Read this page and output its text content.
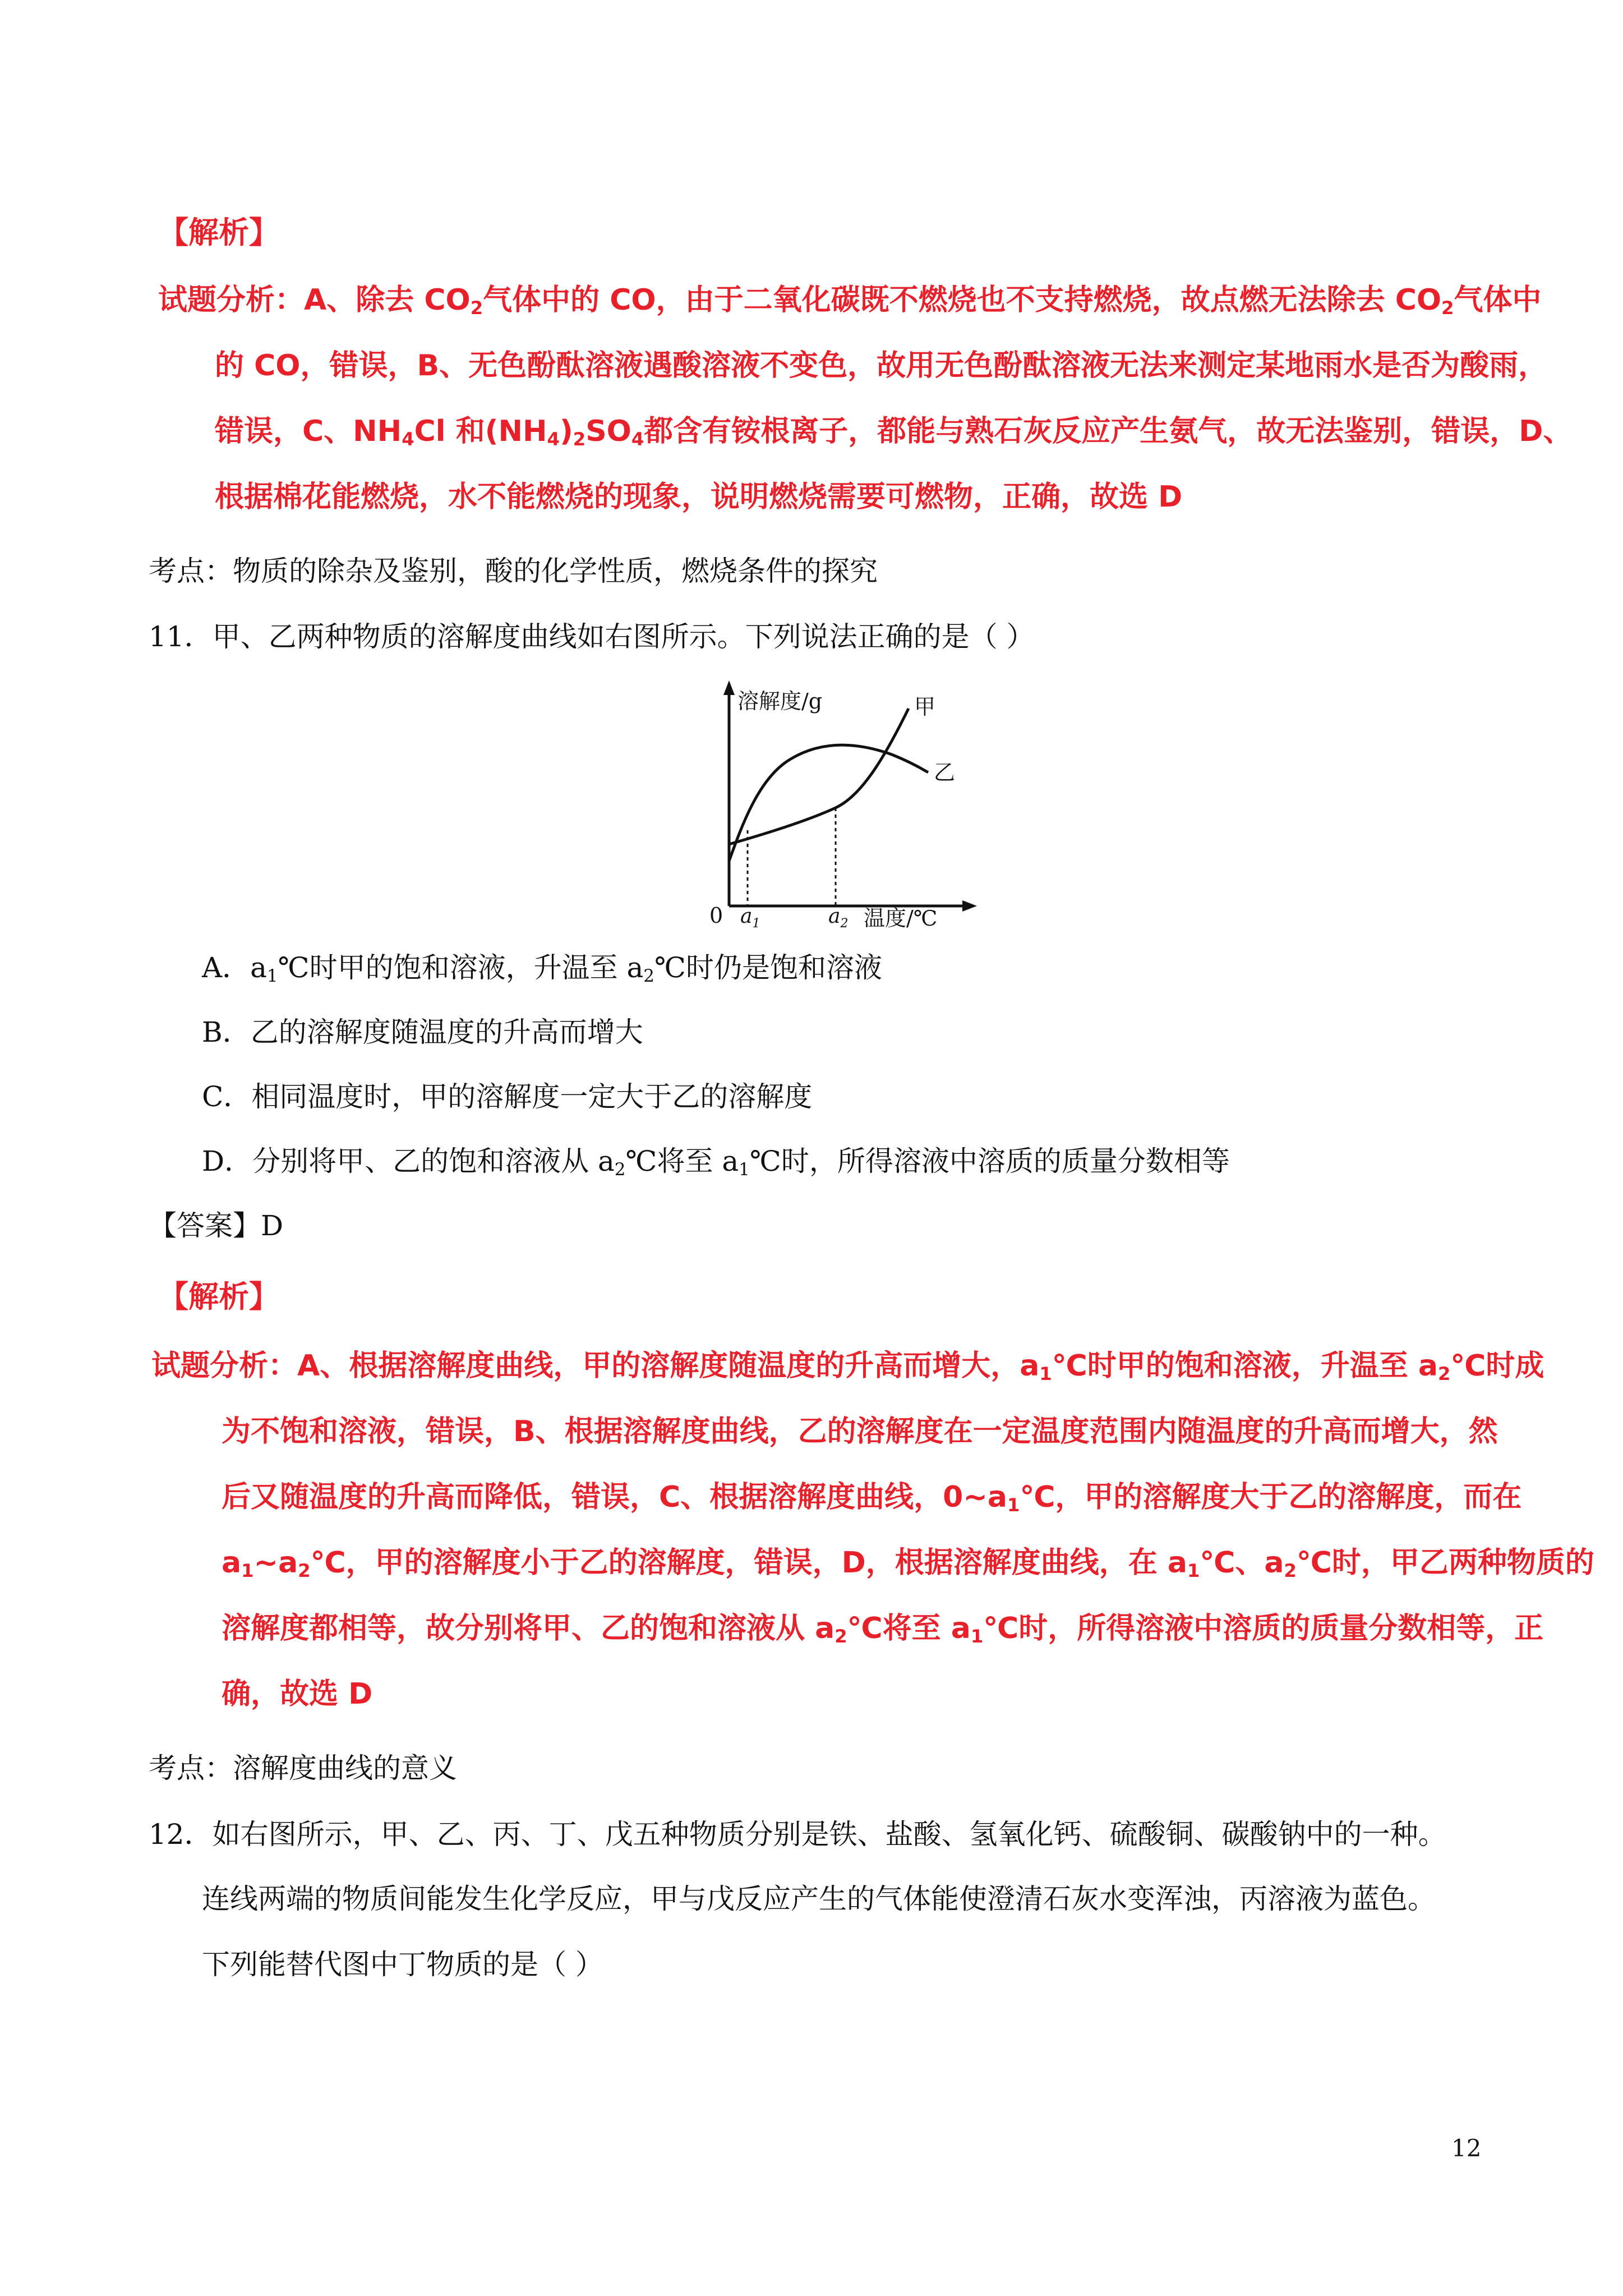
【解析】
试题分析：A、除去 $CO_2$气体中的 CO，由于二氧化碳既不燃烧也不支持燃烧，故点燃无法除去 $CO_2$气体中
的 CO，错误，B、无色酚酞溶液遇酸溶液不变色，故用无色酚酞溶液无法来测定某地雨水是否为酸雨，
错误，C、$NH_4Cl$ 和$(NH_4)_2SO_4$都含有铵根离子，都能与熟石灰反应产生氨气，故无法鉴别，错误，D、
根据棉花能燃烧，水不能燃烧的现象，说明燃烧需要可燃物，正确，故选 D
考点：物质的除杂及鉴别，酸的化学性质，燃烧条件的探究
11．甲、乙两种物质的溶解度曲线如右图所示。下列说法正确的是（ ）
溶解度/g	甲
乙
0 $a_1$	$a_2$ 温度/℃
A．$a_1℃$时甲的饱和溶液，升温至 $a_2℃$时仍是饱和溶液
B．乙的溶解度随温度的升高而增大
C．相同温度时，甲的溶解度一定大于乙的溶解度
D．分别将甲、乙的饱和溶液从 $a_2℃$将至 $a_1℃$时，所得溶液中溶质的质量分数相等
【答案】D
【解析】
试题分析：A、根据溶解度曲线，甲的溶解度随温度的升高而增大，$a_1℃$时甲的饱和溶液，升温至 $a_2℃$时成
为不饱和溶液，错误，B、根据溶解度曲线，乙的溶解度在一定温度范围内随温度的升高而增大，然
后又随温度的升高而降低，错误，C、根据溶解度曲线，$0\sim a_1℃$，甲的溶解度大于乙的溶解度，而在
$a_1\sim a_2℃$，甲的溶解度小于乙的溶解度，错误，D，根据溶解度曲线，在 $a_1℃$、$a_2℃$时，甲乙两种物质的
溶解度都相等，故分别将甲、乙的饱和溶液从 $a_2℃$将至 $a_1℃$时，所得溶液中溶质的质量分数相等，正
确，故选 D
考点：溶解度曲线的意义
12．如右图所示，甲、乙、丙、丁、戊五种物质分别是铁、盐酸、氢氧化钙、硫酸铜、碳酸钠中的一种。
连线两端的物质间能发生化学反应，甲与戊反应产生的气体能使澄清石灰水变浑浊，丙溶液为蓝色。
下列能替代图中丁物质的是（ ）
12
